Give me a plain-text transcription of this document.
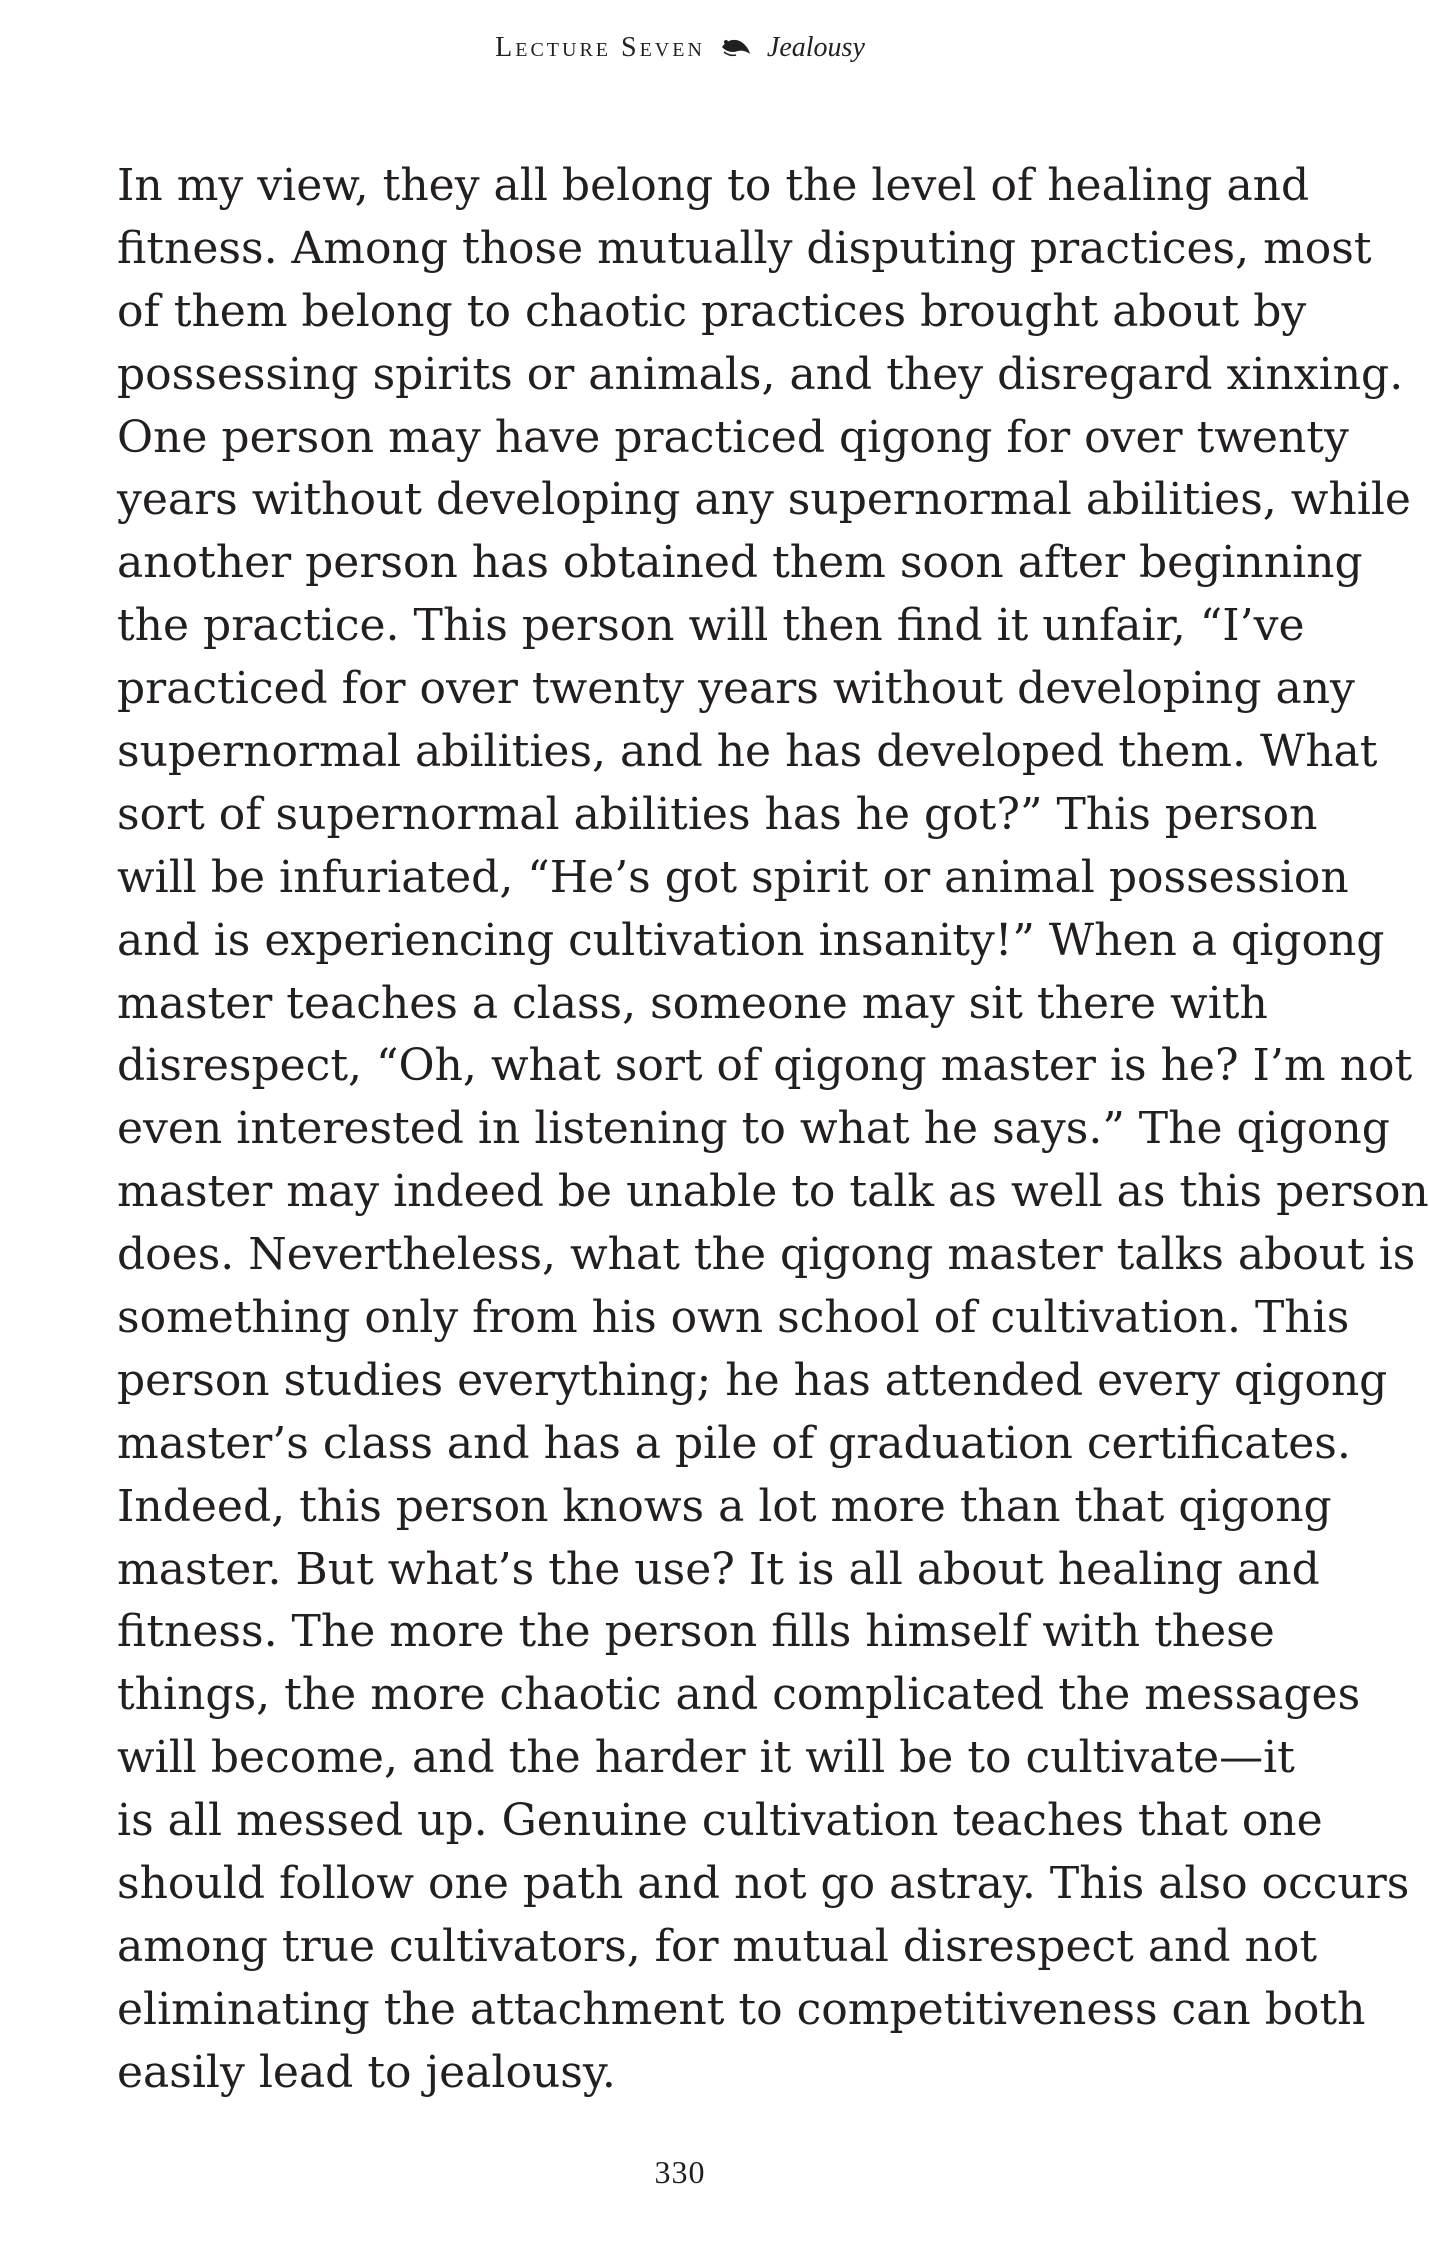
Lecture Seven Jealousy
In my view, they all belong to the level of healing and
fitness. Among those mutually disputing practices, most
of them belong to chaotic practices brought about by
possessing spirits or animals, and they disregard xinxing.
One person may have practiced qigong for over twenty
years without developing any supernormal abilities, while
another person has obtained them soon after beginning
the practice. This person will then find it unfair, “I’ve
practiced for over twenty years without developing any
supernormal abilities, and he has developed them. What
sort of supernormal abilities has he got?” This person
will be infuriated, “He’s got spirit or animal possession
and is experiencing cultivation insanity!” When a qigong
master teaches a class, someone may sit there with
disrespect, “Oh, what sort of qigong master is he? I’m not
even interested in listening to what he says.” The qigong
master may indeed be unable to talk as well as this person
does. Nevertheless, what the qigong master talks about is
something only from his own school of cultivation. This
person studies everything; he has attended every qigong
master’s class and has a pile of graduation certificates.
Indeed, this person knows a lot more than that qigong
master. But what’s the use? It is all about healing and
fitness. The more the person fills himself with these
things, the more chaotic and complicated the messages
will become, and the harder it will be to cultivate—it
is all messed up. Genuine cultivation teaches that one
should follow one path and not go astray. This also occurs
among true cultivators, for mutual disrespect and not
eliminating the attachment to competitiveness can both
easily lead to jealousy.
330
